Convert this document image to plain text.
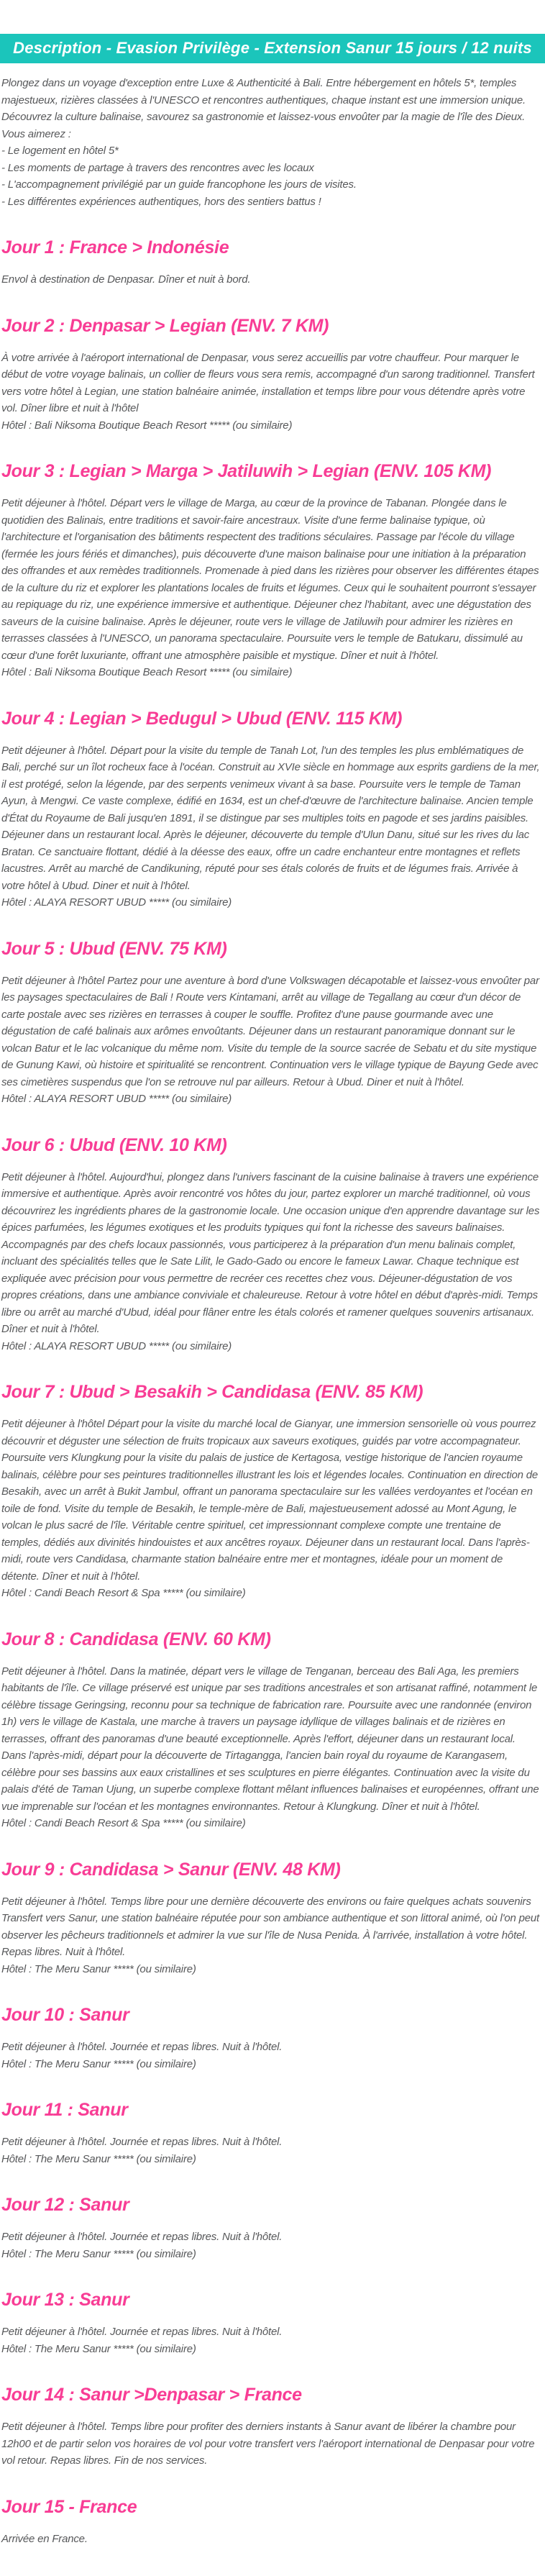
Description - Evasion Privilège - Extension Sanur 15 jours / 12 nuits

Plongez dans un voyage d'exception entre Luxe & Authenticité à Bali. Entre hébergement en hôtels 5*, temples majestueux, rizières classées à l'UNESCO et rencontres authentiques, chaque instant est une immersion unique. Découvrez la culture balinaise, savourez sa gastronomie et laissez-vous envoûter par la magie de l'île des Dieux.

Vous aimerez :
- Le logement en hôtel 5*
- Les moments de partage à travers des rencontres avec les locaux
- L'accompagnement privilégié par un guide francophone les jours de visites.
- Les différentes expériences authentiques, hors des sentiers battus !
Jour 1 : France > Indonésie

Envol à destination de Denpasar. Dîner et nuit à bord.

Jour 2 : Denpasar > Legian (ENV. 7 KM)

À votre arrivée à l'aéroport international de Denpasar, vous serez accueillis par votre chauffeur. Pour marquer le début de votre voyage balinais, un collier de fleurs vous sera remis, accompagné d'un sarong traditionnel. Transfert vers votre hôtel à Legian, une station balnéaire animée, installation et temps libre pour vous détendre après votre vol. Dîner libre et nuit à l'hôtel

Hôtel : Bali Niksoma Boutique Beach Resort ***** (ou similaire)
Jour 3 : Legian > Marga > Jatiluwih > Legian (ENV. 105 KM)

Petit déjeuner à l'hôtel. Départ vers le village de Marga, au cœur de la province de Tabanan. Plongée dans le quotidien des Balinais, entre traditions et savoir-faire ancestraux. Visite d'une ferme balinaise typique, où l'architecture et l'organisation des bâtiments respectent des traditions séculaires. Passage par l'école du village (fermée les jours fériés et dimanches), puis découverte d'une maison balinaise pour une initiation à la préparation des offrandes et aux remèdes traditionnels. Promenade à pied dans les rizières pour observer les différentes étapes de la culture du riz et explorer les plantations locales de fruits et légumes. Ceux qui le souhaitent pourront s'essayer au repiquage du riz, une expérience immersive et authentique. Déjeuner chez l'habitant, avec une dégustation des saveurs de la cuisine balinaise. Après le déjeuner, route vers le village de Jatiluwih pour admirer les rizières en terrasses classées à l'UNESCO, un panorama spectaculaire. Poursuite vers le temple de Batukaru, dissimulé au cœur d'une forêt luxuriante, offrant une atmosphère paisible et mystique. Dîner et nuit à l'hôtel.

Hôtel : Bali Niksoma Boutique Beach Resort ***** (ou similaire)
Jour 4 : Legian > Bedugul > Ubud (ENV. 115 KM)

Petit déjeuner à l'hôtel. Départ pour la visite du temple de Tanah Lot, l'un des temples les plus emblématiques de Bali, perché sur un îlot rocheux face à l'océan. Construit au XVIe siècle en hommage aux esprits gardiens de la mer, il est protégé, selon la légende, par des serpents venimeux vivant à sa base. Poursuite vers le temple de Taman Ayun, à Mengwi. Ce vaste complexe, édifié en 1634, est un chef-d'œuvre de l'architecture balinaise. Ancien temple d'État du Royaume de Bali jusqu'en 1891, il se distingue par ses multiples toits en pagode et ses jardins paisibles. Déjeuner dans un restaurant local. Après le déjeuner, découverte du temple d'Ulun Danu, situé sur les rives du lac Bratan. Ce sanctuaire flottant, dédié à la déesse des eaux, offre un cadre enchanteur entre montagnes et reflets lacustres. Arrêt au marché de Candikuning, réputé pour ses étals colorés de fruits et de légumes frais. Arrivée à votre hôtel à Ubud. Diner et nuit à l'hôtel.

Hôtel : ALAYA RESORT UBUD ***** (ou similaire)
Jour 5 : Ubud (ENV. 75 KM)

Petit déjeuner à l'hôtel Partez pour une aventure à bord d'une Volkswagen décapotable et laissez-vous envoûter par les paysages spectaculaires de Bali ! Route vers Kintamani, arrêt au village de Tegallang au cœur d'un décor de carte postale avec ses rizières en terrasses à couper le souffle. Profitez d'une pause gourmande avec une dégustation de café balinais aux arômes envoûtants. Déjeuner dans un restaurant panoramique donnant sur le volcan Batur et le lac volcanique du même nom. Visite du temple de la source sacrée de Sebatu et du site mystique de Gunung Kawi, où histoire et spiritualité se rencontrent. Continuation vers le village typique de Bayung Gede avec ses cimetières suspendus que l'on se retrouve nul par ailleurs. Retour à Ubud. Diner et nuit à l'hôtel.

Hôtel : ALAYA RESORT UBUD ***** (ou similaire)
Jour 6 : Ubud (ENV. 10 KM)

Petit déjeuner à l'hôtel. Aujourd'hui, plongez dans l'univers fascinant de la cuisine balinaise à travers une expérience immersive et authentique. Après avoir rencontré vos hôtes du jour, partez explorer un marché traditionnel, où vous découvrirez les ingrédients phares de la gastronomie locale. Une occasion unique d'en apprendre davantage sur les épices parfumées, les légumes exotiques et les produits typiques qui font la richesse des saveurs balinaises. Accompagnés par des chefs locaux passionnés, vous participerez à la préparation d'un menu balinais complet, incluant des spécialités telles que le Sate Lilit, le Gado-Gado ou encore le fameux Lawar. Chaque technique est expliquée avec précision pour vous permettre de recréer ces recettes chez vous. Déjeuner-dégustation de vos propres créations, dans une ambiance conviviale et chaleureuse. Retour à votre hôtel en début d'après-midi. Temps libre ou arrêt au marché d'Ubud, idéal pour flâner entre les étals colorés et ramener quelques souvenirs artisanaux. Dîner et nuit à l'hôtel.

Hôtel : ALAYA RESORT UBUD ***** (ou similaire)
Jour 7 : Ubud > Besakih > Candidasa (ENV. 85 KM)

Petit déjeuner à l'hôtel Départ pour la visite du marché local de Gianyar, une immersion sensorielle où vous pourrez découvrir et déguster une sélection de fruits tropicaux aux saveurs exotiques, guidés par votre accompagnateur. Poursuite vers Klungkung pour la visite du palais de justice de Kertagosa, vestige historique de l'ancien royaume balinais, célèbre pour ses peintures traditionnelles illustrant les lois et légendes locales. Continuation en direction de Besakih, avec un arrêt à Bukit Jambul, offrant un panorama spectaculaire sur les vallées verdoyantes et l'océan en toile de fond. Visite du temple de Besakih, le temple-mère de Bali, majestueusement adossé au Mont Agung, le volcan le plus sacré de l'île. Véritable centre spirituel, cet impressionnant complexe compte une trentaine de temples, dédiés aux divinités hindouistes et aux ancêtres royaux. Déjeuner dans un restaurant local. Dans l'après-midi, route vers Candidasa, charmante station balnéaire entre mer et montagnes, idéale pour un moment de détente. Dîner et nuit à l'hôtel.

Hôtel : Candi Beach Resort & Spa ***** (ou similaire)
Jour 8 : Candidasa (ENV. 60 KM)

Petit déjeuner à l'hôtel. Dans la matinée, départ vers le village de Tenganan, berceau des Bali Aga, les premiers habitants de l'île. Ce village préservé est unique par ses traditions ancestrales et son artisanat raffiné, notamment le célèbre tissage Geringsing, reconnu pour sa technique de fabrication rare. Poursuite avec une randonnée (environ 1h) vers le village de Kastala, une marche à travers un paysage idyllique de villages balinais et de rizières en terrasses, offrant des panoramas d'une beauté exceptionnelle. Après l'effort, déjeuner dans un restaurant local. Dans l'après-midi, départ pour la découverte de Tirtagangga, l'ancien bain royal du royaume de Karangasem, célèbre pour ses bassins aux eaux cristallines et ses sculptures en pierre élégantes. Continuation avec la visite du palais d'été de Taman Ujung, un superbe complexe flottant mêlant influences balinaises et européennes, offrant une vue imprenable sur l'océan et les montagnes environnantes. Retour à Klungkung. Dîner et nuit à l'hôtel.

Hôtel : Candi Beach Resort & Spa ***** (ou similaire)
Jour 9 : Candidasa > Sanur (ENV. 48 KM)

Petit déjeuner à l'hôtel. Temps libre pour une dernière découverte des environs ou faire quelques achats souvenirs Transfert vers Sanur, une station balnéaire réputée pour son ambiance authentique et son littoral animé, où l'on peut observer les pêcheurs traditionnels et admirer la vue sur l'île de Nusa Penida. À l'arrivée, installation à votre hôtel. Repas libres. Nuit à l'hôtel.

Hôtel : The Meru Sanur ***** (ou similaire)
Jour 10 : Sanur

Petit déjeuner à l'hôtel. Journée et repas libres. Nuit à l'hôtel.

Hôtel : The Meru Sanur ***** (ou similaire)
Jour 11 : Sanur

Petit déjeuner à l'hôtel. Journée et repas libres. Nuit à l'hôtel.

Hôtel : The Meru Sanur ***** (ou similaire)
Jour 12 : Sanur

Petit déjeuner à l'hôtel. Journée et repas libres. Nuit à l'hôtel.

Hôtel : The Meru Sanur ***** (ou similaire)
Jour 13 : Sanur

Petit déjeuner à l'hôtel. Journée et repas libres. Nuit à l'hôtel.

Hôtel : The Meru Sanur ***** (ou similaire)
Jour 14 : Sanur >Denpasar > France

Petit déjeuner à l'hôtel. Temps libre pour profiter des derniers instants à Sanur avant de libérer la chambre pour 12h00 et de partir selon vos horaires de vol pour votre transfert vers l'aéroport international de Denpasar pour votre vol retour. Repas libres. Fin de nos services.

Jour 15 - France

Arrivée en France.
